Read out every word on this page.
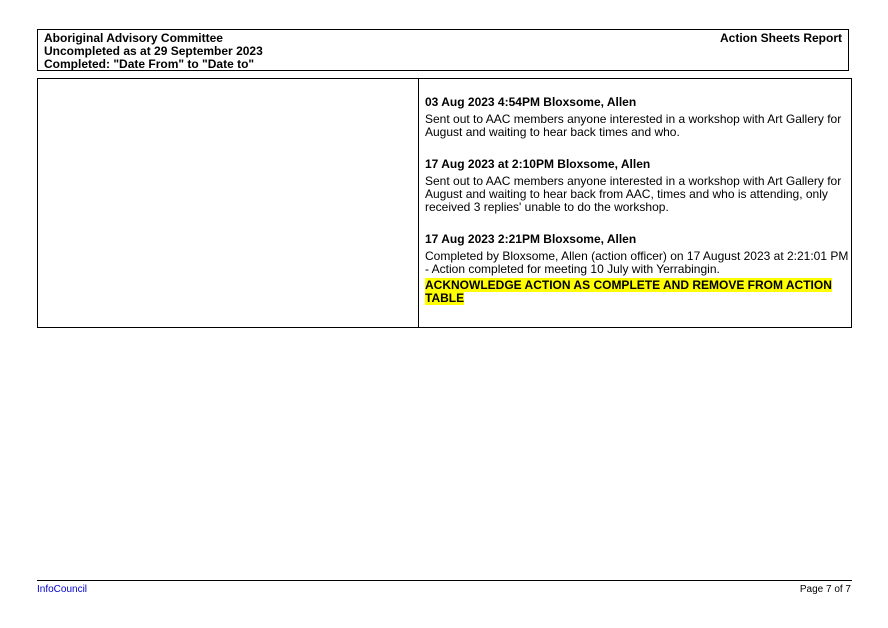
Aboriginal Advisory Committee
Uncompleted as at 29 September 2023
Completed: "Date From" to "Date to"
Action Sheets Report
03 Aug 2023 4:54PM Bloxsome, Allen
Sent out to AAC members anyone interested in a workshop with Art Gallery for August and waiting to hear back times and who.
17 Aug 2023 at 2:10PM Bloxsome, Allen
Sent out to AAC members anyone interested in a workshop with Art Gallery for August and waiting to hear back from AAC, times and who is attending, only received 3 replies' unable to do the workshop.
17 Aug 2023 2:21PM Bloxsome, Allen
Completed by Bloxsome, Allen (action officer) on 17 August 2023 at 2:21:01 PM - Action completed for meeting 10 July with Yerrabingin.
ACKNOWLEDGE ACTION AS COMPLETE AND REMOVE FROM ACTION TABLE
InfoCouncil	Page 7 of 7
